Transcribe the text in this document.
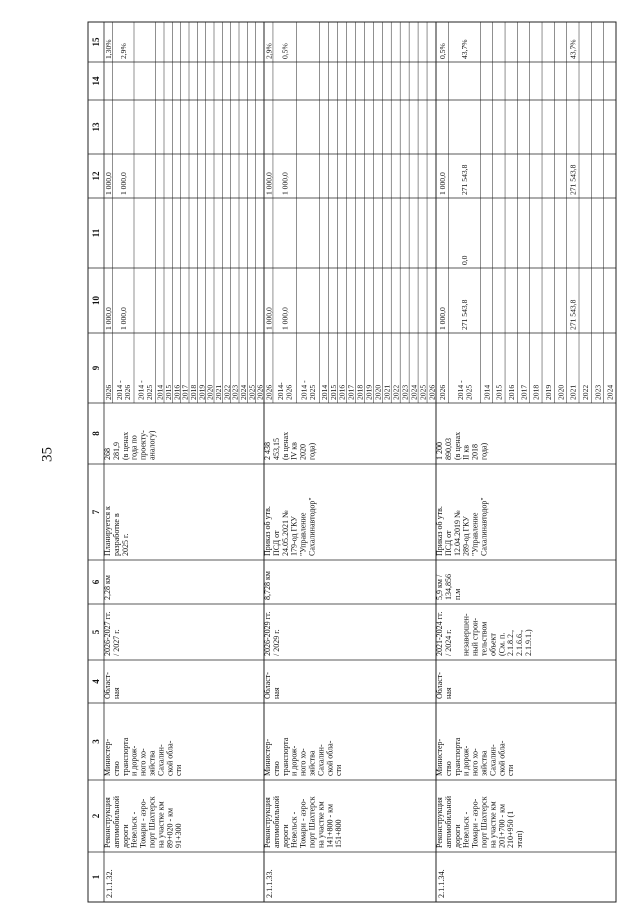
35
1
2
3
4
5
6
7
8
9
10
11
12
13
14
15
2.1.1.32.
Реконструкция автомобильной дороги Невельск - Томари - аэро- порт Шахтерск на участке км 89+020 - км 91+300
Министер- ство транспорта и дорож- ного хо- зяйства Сахалин- ской обла- сти
Област- ная
2026-2027 гг. / 2027 г.
2,28 км
Планируется к разработке в 2025 г.
268 281,9 (в ценах года по проекту- аналогу)
2026
1 000,0
1 000,0
1,30%
2014 - 2026
1 000,0
1 000,0
2,9%
2014 - 2025 2014 2015 2016 2017 2018 2019 2020 2021 2022 2023 2024 2025 2026
2.1.1.33.
Реконструкция автомобильной дороги Невельск - Томари - аэро- порт Шахтерск на участке км 141+800 - км 151+800
Министер- ство транспорта и дорож- ного хо- зяйства Сахалин- ской обла- сти
Област- ная
2026-2029 гг. / 2029 г.
8,728 км
Приказ об утв. ПСД от 24.05.2021 № 179-од ГКУ "Управление Сахалинавтодор"
2 438 453,15 (в ценах IV кв 2020 года)
2026
1 000,0
1 000,0
2,9%
2014- 2026
1 000,0
1 000,0
0,5%
2014 - 2025 2014 2015 2016 2017 2018 2019 2020 2021 2022 2023 2024 2025 2026
2.1.1.34.
Реконструкция автомобильной дороги Невельск - Томари - аэро- порт Шахтерск на участке км 201+700 - км 210+950 (1 этап)
Министер- ство транспорта и дорож- ного хо- зяйства Сахалин- ской обла- сти
Област- ная
2021-2024 гг. / 2024 г. незавершен- ный строи- тельством объект (См. п. 2.1.8.2., 2.1.6.6., 2.1.9.1.)
5,9 км / 134,856 п.м
Приказ об утв. ПСД от 12.04.2019 № 289-од ГКУ "Управление Сахалинавтодор"
1 200 890,03 (в ценах II кв 2018 года)
2026
1 000,0
1 000,0
0,5%
2014 - 2025
271 543,8
0,0
271 543,8
43,7%
2014 2015 2016 2017 2018 2019 2020 2021
271 543,8
271 543,8
43,7%
2022 2023 2024
